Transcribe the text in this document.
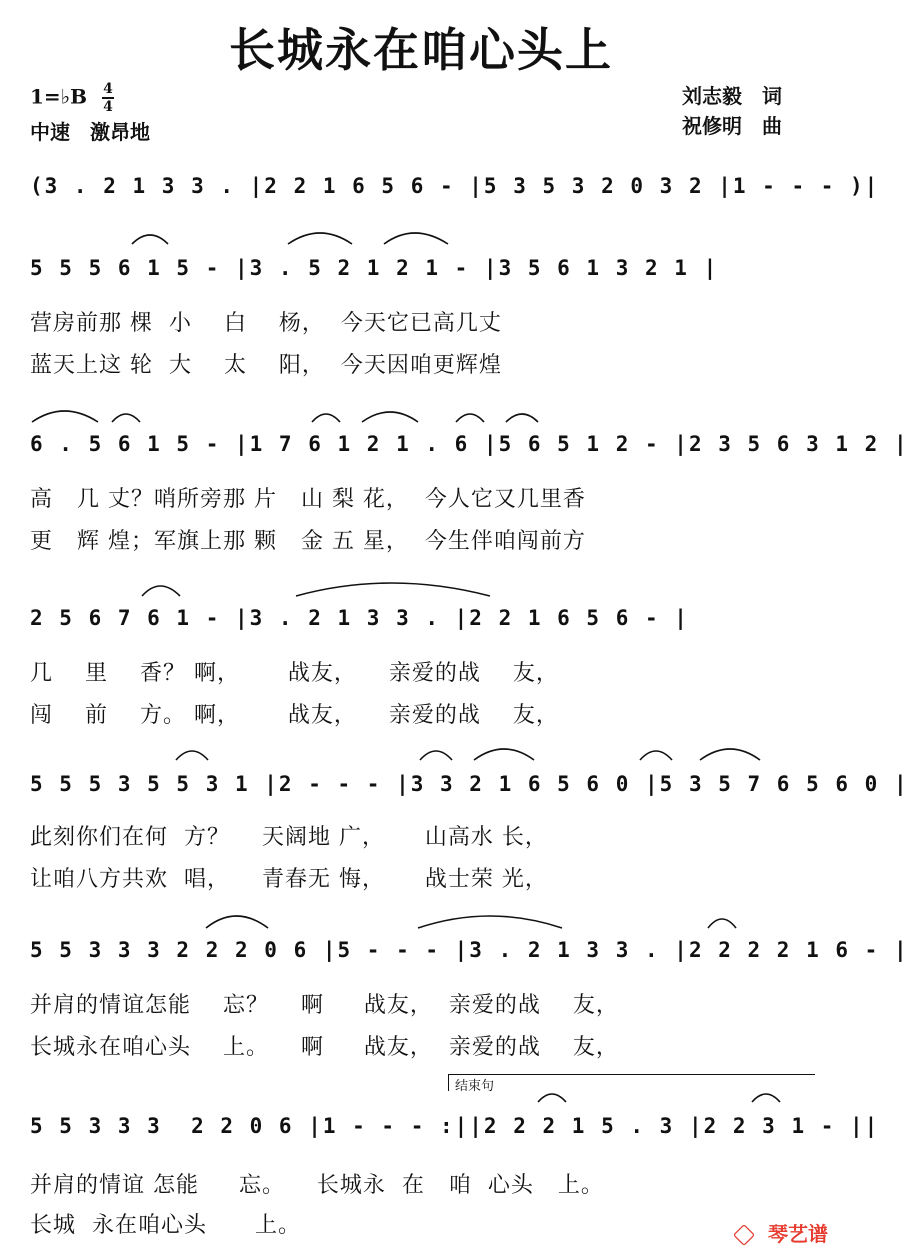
长城永在咱心头上
1=♭B $\frac{4}{4}$
中速　激昂地
刘志毅　词
祝修明　曲
(3 . 2 1 3 3 . |2 2 1 6 5 6 - |5 3 5 3 2 0 3 2 |1 - - - )|
5 5 5 6 1 5 - |3 . 5 2 1 2 1 - |3 5 6 1 3 2 1 |
营房前那 棵  小    白    杨，  今天它已高几丈
蓝天上这 轮  大    太    阳，  今天因咱更辉煌
6 . 5 6 1 5 - |1 7 6 1 2 1 . 6 |5 6 5 1 2 - |2 3 5 6 3 1 2 |
高   几 丈？哨所旁那 片   山 梨 花，  今人它又几里香
更   辉 煌；军旗上那 颗   金 五 星，  今生伴咱闯前方
2 5 6 7 6 1 - |3 . 2 1 3 3 . |2 2 1 6 5 6 - |
几    里    香？ 啊，      战友，    亲爱的战    友，
闯    前    方。 啊，      战友，    亲爱的战    友，
5 5 5 3 5 5 3 1 |2 - - - |3 3 2 1 6 5 6 0 |5 3 5 7 6 5 6 0 |
此刻你们在何  方？    天阔地 广，     山高水 长，
让咱八方共欢  唱，    青春无 悔，     战士荣 光，
5 5 3 3 3 2 2 2 0 6 |5 - - - |3 . 2 1 3 3 . |2 2 2 2 1 6 - |
并肩的情谊怎能    忘？    啊     战友，  亲爱的战    友，
长城永在咱心头    上。    啊     战友，  亲爱的战    友，
结束句
5 5 3 3 3  2 2 0 6 |1 - - - :||2 2 2 1 5 . 3 |2 2 3 1 - ||
并肩的情谊 怎能     忘。    长城永  在   咱  心头   上。
长城  永在咱心头      上。	琴艺谱
